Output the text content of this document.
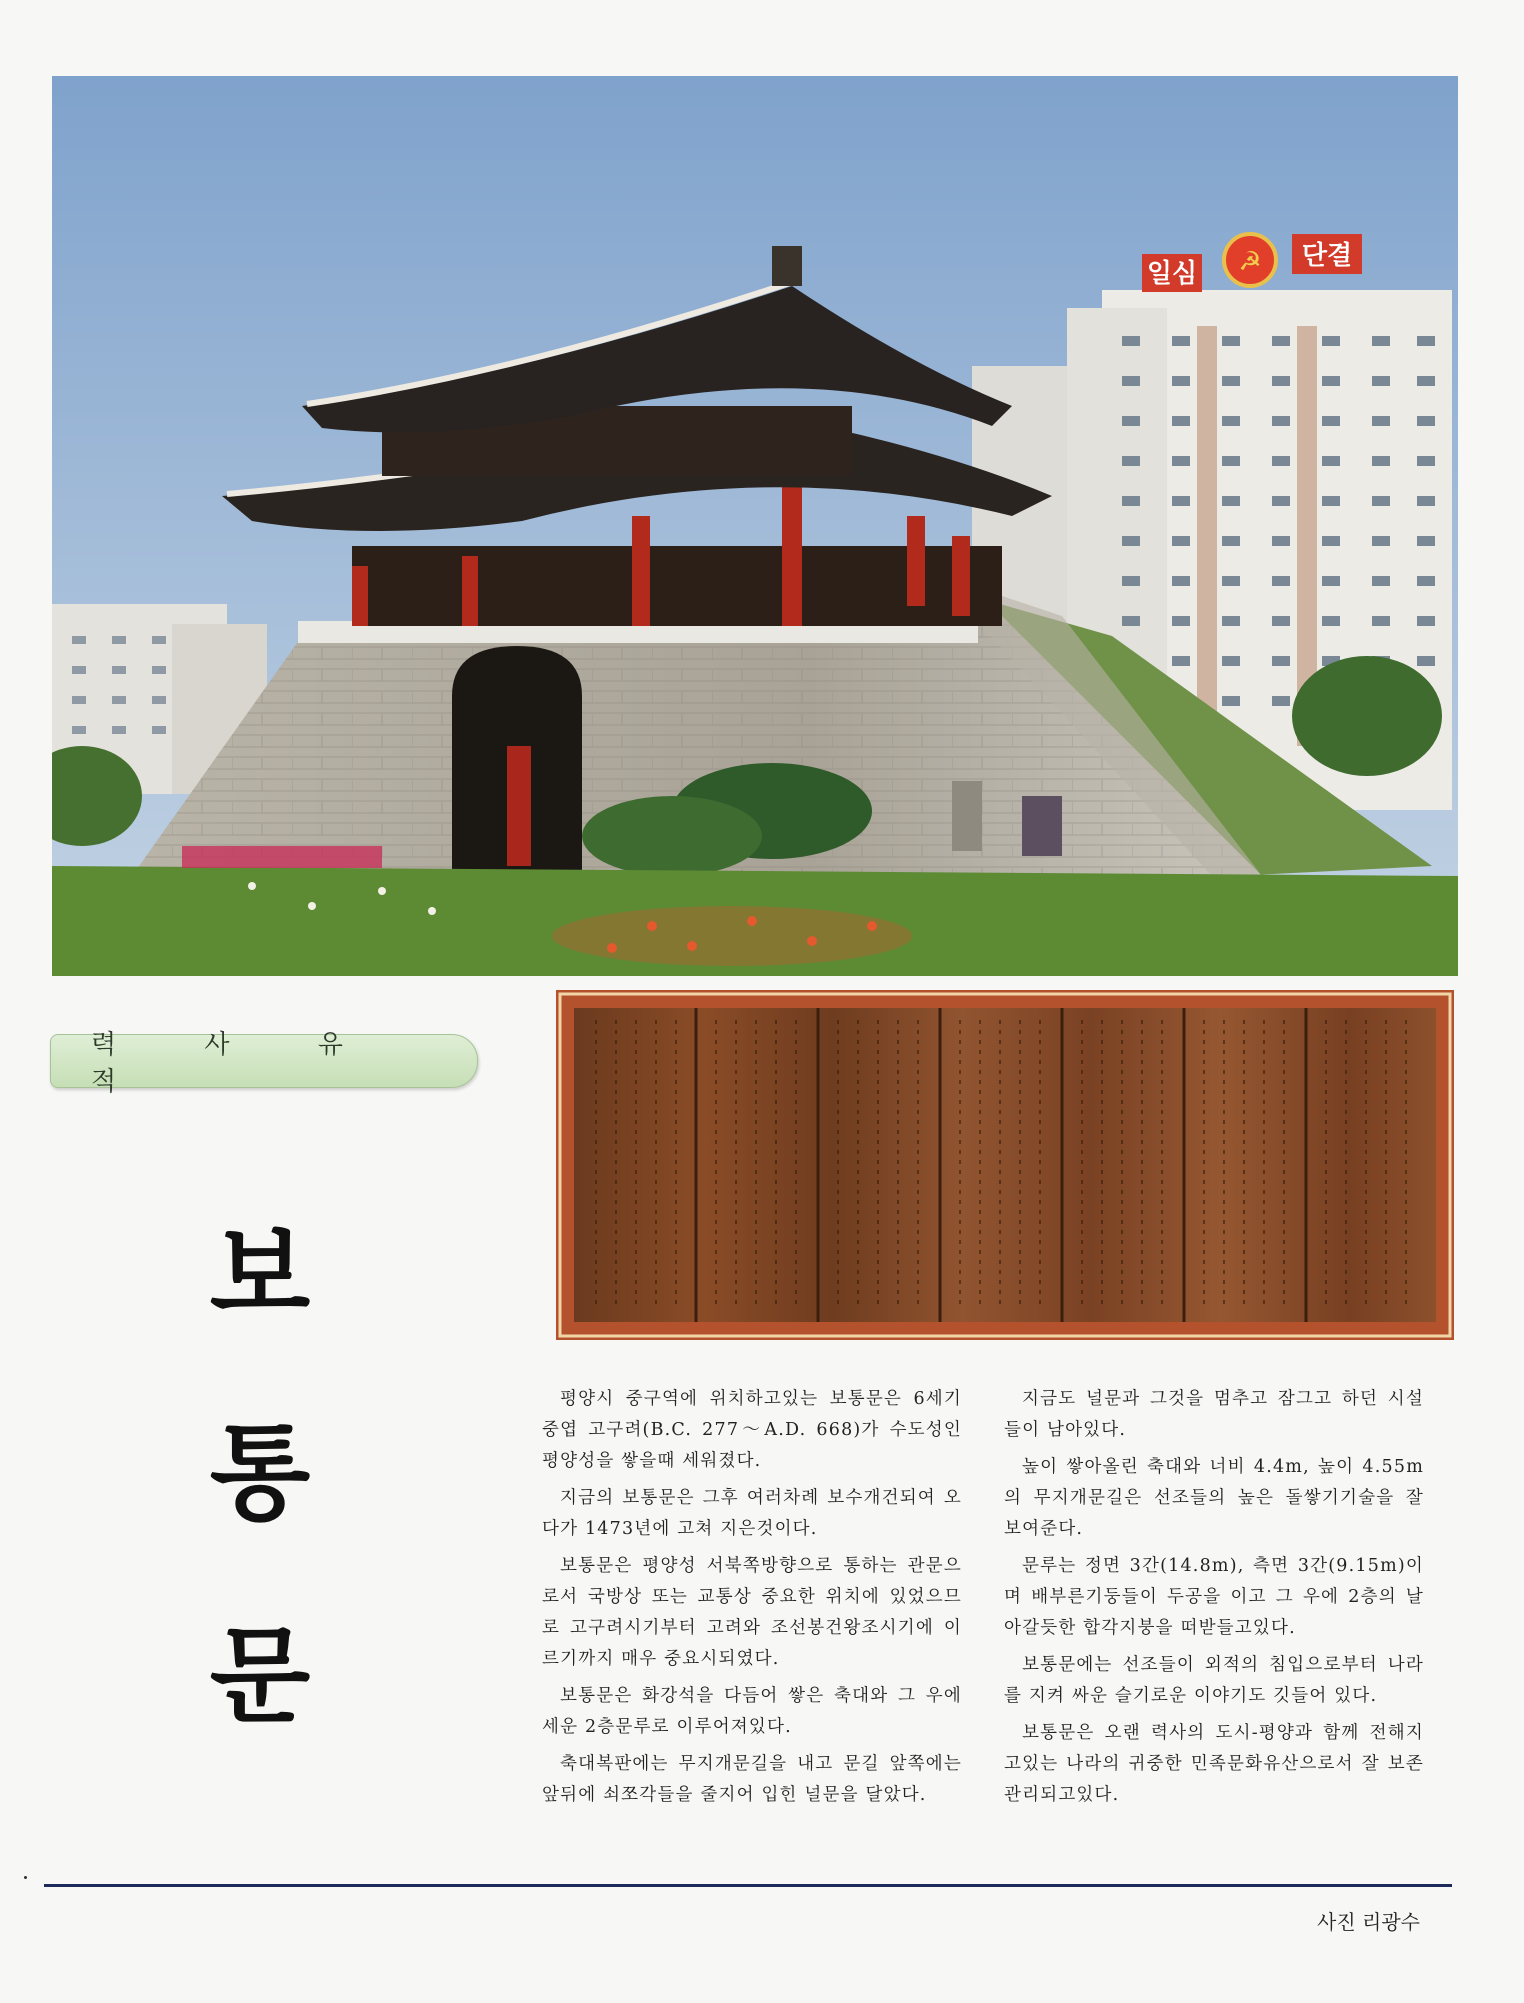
일심 ☭ 단결
력 사 유 적
보
통
문

평양시 중구역에 위치하고있는 보통문은 6세기 중엽 고구려(B.C. 277～A.D. 668)가 수도성인 평양성을 쌓을때 세워졌다.

지금의 보통문은 그후 여러차례 보수개건되여 오다가 1473년에 고쳐 지은것이다.

보통문은 평양성 서북쪽방향으로 통하는 관문으로서 국방상 또는 교통상 중요한 위치에 있었으므로 고구려시기부터 고려와 조선봉건왕조시기에 이르기까지 매우 중요시되였다.

보통문은 화강석을 다듬어 쌓은 축대와 그 우에 세운 2층문루로 이루어져있다.

축대복판에는 무지개문길을 내고 문길 앞쪽에는 앞뒤에 쇠쪼각들을 줄지어 입힌 널문을 달았다.

지금도 널문과 그것을 멈추고 잠그고 하던 시설들이 남아있다.

높이 쌓아올린 축대와 너비 4.4m, 높이 4.55m의 무지개문길은 선조들의 높은 돌쌓기기술을 잘 보여준다.

문루는 정면 3간(14.8m), 측면 3간(9.15m)이며 배부른기둥들이 두공을 이고 그 우에 2층의 날아갈듯한 합각지붕을 떠받들고있다.

보통문에는 선조들이 외적의 침입으로부터 나라를 지켜 싸운 슬기로운 이야기도 깃들어 있다.

보통문은 오랜 력사의 도시-평양과 함께 전해지고있는 나라의 귀중한 민족문화유산으로서 잘 보존관리되고있다.

사진 리광수
